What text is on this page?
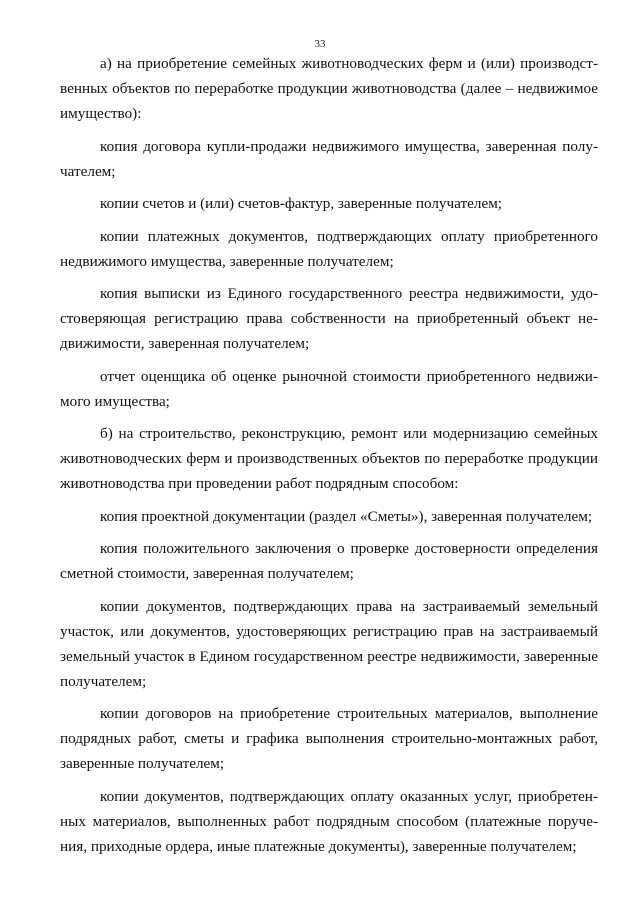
33

а) на приобретение семейных животноводческих ферм и (или) производственных объектов по переработке продукции животноводства (далее – недвижимое имущество):

копия договора купли-продажи недвижимого имущества, заверенная получателем;

копии счетов и (или) счетов-фактур, заверенные получателем;

копии платежных документов, подтверждающих оплату приобретенного недвижимого имущества, заверенные получателем;

копия выписки из Единого государственного реестра недвижимости, удостоверяющая регистрацию права собственности на приобретенный объект недвижимости, заверенная получателем;

отчет оценщика об оценке рыночной стоимости приобретенного недвижимого имущества;

б) на строительство, реконструкцию, ремонт или модернизацию семейных животноводческих ферм и производственных объектов по переработке продукции животноводства при проведении работ подрядным способом:

копия проектной документации (раздел «Сметы»), заверенная получателем;

копия положительного заключения о проверке достоверности определения сметной стоимости, заверенная получателем;

копии документов, подтверждающих права на застраиваемый земельный участок, или документов, удостоверяющих регистрацию прав на застраиваемый земельный участок в Едином государственном реестре недвижимости, заверенные получателем;

копии договоров на приобретение строительных материалов, выполнение подрядных работ, сметы и графика выполнения строительно-монтажных работ, заверенные получателем;

копии документов, подтверждающих оплату оказанных услуг, приобретенных материалов, выполненных работ подрядным способом (платежные поручения, приходные ордера, иные платежные документы), заверенные получателем;
